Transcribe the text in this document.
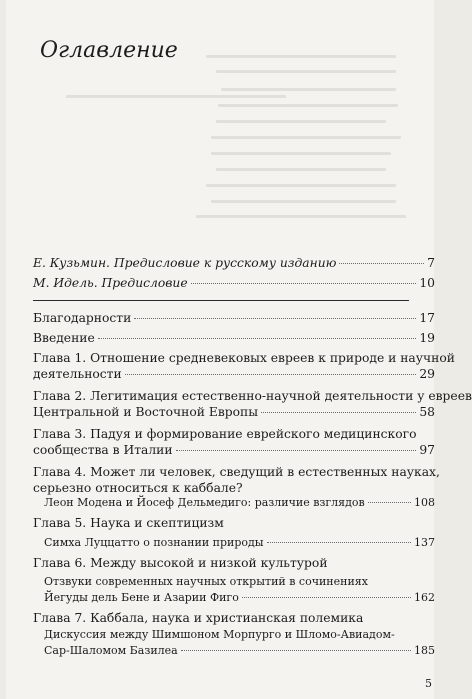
Оглавление
Е. Кузьмин. Предисловие к русскому изданию	7
М. Идель. Предисловие	10
Благодарности	17
Введение	19
Глава 1. Отношение средневековых евреев к природе и научной
деятельности	29
Глава 2. Легитимация естественно-научной деятельности у евреев
Центральной и Восточной Европы	58
Глава 3. Падуя и формирование еврейского медицинского
сообщества в Италии	97
Глава 4. Может ли человек, сведущий в естественных науках,
серьезно относиться к каббале?
Леон Модена и Йосеф Дельмедиго: различие взглядов	108
Глава 5. Наука и скептицизм
Симха Луццатто о познании природы	137
Глава 6. Между высокой и низкой культурой
Отзвуки современных научных открытий в сочинениях
Йегуды дель Бене и Азарии Фиго	162
Глава 7. Каббала, наука и христианская полемика
Дискуссия между Шимшоном Морпурго и Шломо-Авиадом-
Сар-Шаломом Базилеа	185
5
